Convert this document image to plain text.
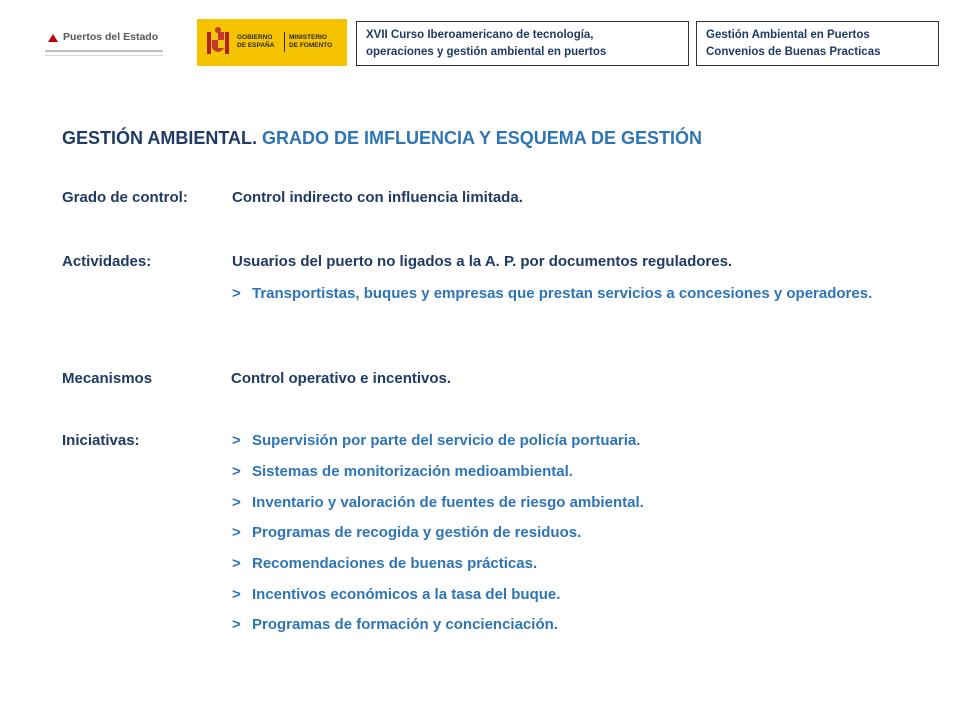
Puertos del Estado	GOBIERNO
DE ESPAÑA
MINISTERIO
DE FOMENTO
XVII Curso Iberoamericano de tecnología,
operaciones y gestión ambiental en puertos
Gestión Ambiental en Puertos
Convenios de Buenas Practicas
GESTIÓN AMBIENTAL. GRADO DE IMFLUENCIA Y ESQUEMA DE GESTIÓN
Grado de control:	Control indirecto con influencia limitada.
Actividades:	Usuarios del puerto no ligados a la A. P. por documentos reguladores.
> Transportistas, buques y empresas que prestan servicios a concesiones y operadores.
Mecanismos	Control operativo e incentivos.
Iniciativas:	> Supervisión por parte del servicio de policía portuaria.
> Sistemas de monitorización medioambiental.
> Inventario y valoración de fuentes de riesgo ambiental.
> Programas de recogida y gestión de residuos.
> Recomendaciones de buenas prácticas.
> Incentivos económicos a la tasa del buque.
> Programas de formación y concienciación.
